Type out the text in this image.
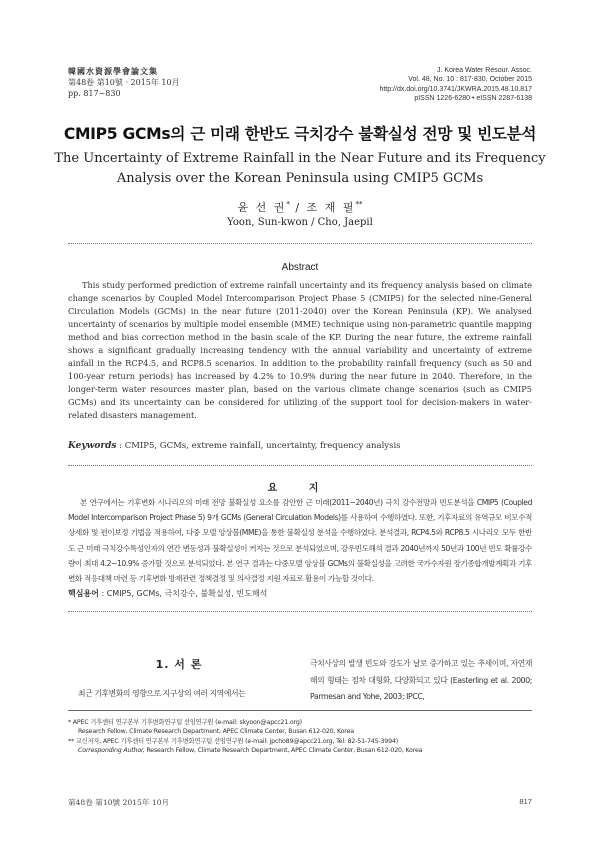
韓國水資源學會論文集
第48卷 第10號 · 2015年 10月
pp. 817~830
J. Korea Water Resour. Assoc.
Vol. 48, No. 10 : 817-830, October 2015
http://dx.doi.org/10.3741/JKWRA.2015.48.10.817
pISSN 1226-6280 • eISSN 2287-6138
CMIP5 GCMs의 근 미래 한반도 극치강수 불확실성 전망 및 빈도분석
The Uncertainty of Extreme Rainfall in the Near Future and its Frequency
Analysis over the Korean Peninsula using CMIP5 GCMs
윤 선 권* / 조 재 필**
Yoon, Sun-kwon / Cho, Jaepil
Abstract
This study performed prediction of extreme rainfall uncertainty and its frequency analysis based on climate change scenarios by Coupled Model Intercomparison Project Phase 5 (CMIP5) for the selected nine-General Circulation Models (GCMs) in the near future (2011-2040) over the Korean Peninsula (KP). We analysed uncertainty of scenarios by multiple model ensemble (MME) technique using non-parametric quantile mapping method and bias correction method in the basin scale of the KP. During the near future, the extreme rainfall shows a significant gradually increasing tendency with the annual variability and uncertainty of extreme ainfall in the RCP4.5, and RCP8.5 scenarios. In addition to the probability rainfall frequency (such as 50 and 100-year return periods) has increased by 4.2% to 10.9% during the near future in 2040. Therefore, in the longer-term water resources master plan, based on the various climate change scenarios (such as CMIP5 GCMs) and its uncertainty can be considered for utilizing of the support tool for decision-makers in water-related disasters management.
Keywords : CMIP5, GCMs, extreme rainfall, uncertainty, frequency analysis
요 지
본 연구에서는 기후변화 시나리오의 미래 전망 불확실성 요소를 감안한 근 미래(2011~2040년) 극치 강수전망과 빈도분석을 CMIP5 (Coupled Model Intercomparison Project Phase 5) 9개 GCMs (General Circulation Models)를 사용하여 수행하였다. 또한, 기후자료의 유역규모 비모수적 상세화 및 편이보정 기법을 적용하여, 다중 모델 앙상블(MME)을 통한 불확실성 분석을 수행하였다. 분석결과, RCP4.5와 RCP8.5 시나리오 모두 한반도 근 미래 극치강수특성인자의 연간 변동성과 불확실성이 커지는 것으로 분석되었으며, 강우빈도해석 결과 2040년까지 50년과 100년 빈도 확률강수량이 최대 4.2~10.9% 증가할 것으로 분석되었다. 본 연구 결과는 다중모델 앙상블 GCMs의 불확실성을 고려한 국가수자원 장기종합개발계획과 기후변화 적응대책 마련 등 기후변화 방재관련 정책결정 및 의사결정 지원 자료로 활용이 가능할 것이다.
핵심용어 : CMIP5, GCMs, 극치강수, 불확실성, 빈도해석
1. 서 론
최근 기후변화의 영향으로 지구상의 여러 지역에서는
극치사상의 발생 빈도와 강도가 날로 증가하고 있는 추세이며, 자연재해의 형태는 점차 대형화, 다양화되고 있다 (Easterling et al. 2000; Parmesan and Yohe, 2003; IPCC,
* APEC 기후센터 연구본부 기후변화연구팀 선임연구원 (e-mail: skyoon@apcc21.org)
Research Fellow, Climate Research Department, APEC Climate Center, Busan 612-020, Korea
** 교신저자, APEC 기후센터 연구본부 기후변화연구팀 선임연구원 (e-mail: jpcho89@apcc21.org, Tel: 82-51-745-3994)
Corresponding Author, Research Fellow, Climate Research Department, APEC Climate Center, Busan 612-020, Korea
第48卷 第10號 2015年 10月	817
